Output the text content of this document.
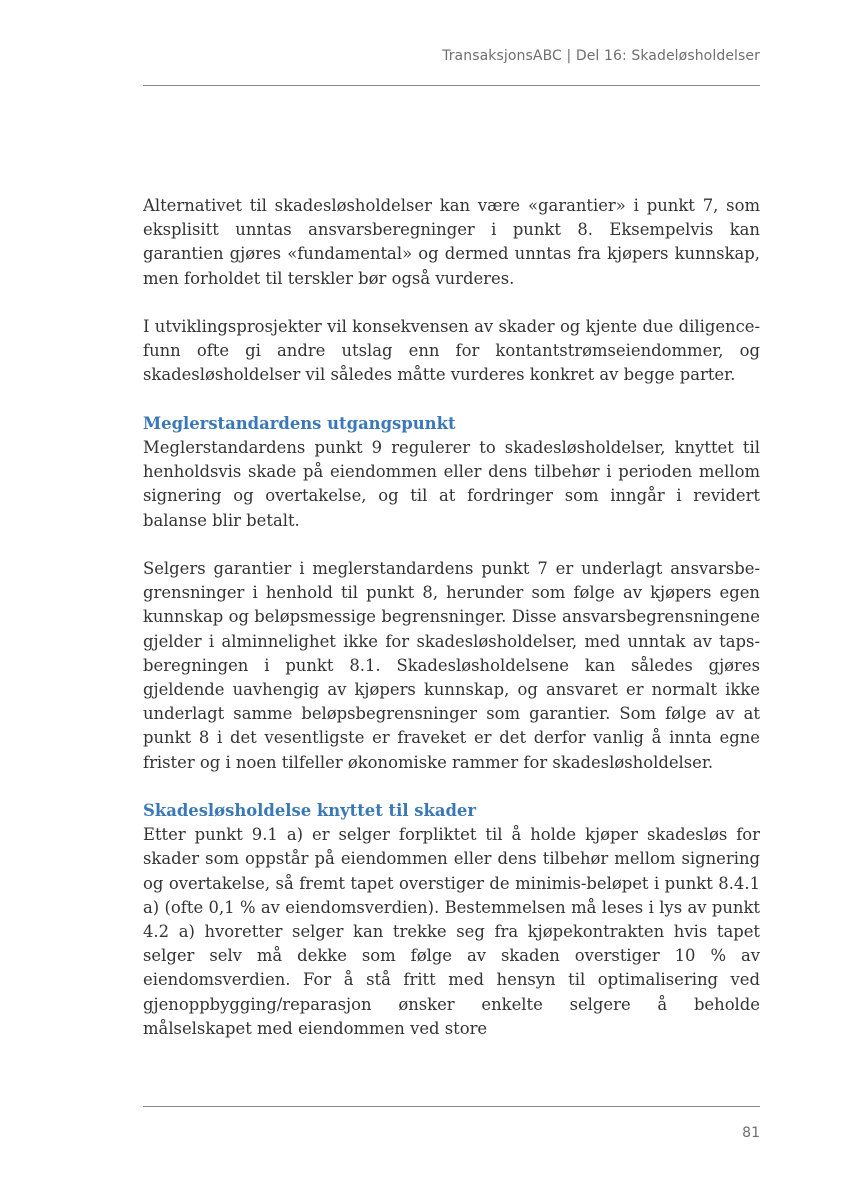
TransaksjonsABC | Del 16: Skadeløsholdelser

Alternativet til skadesløsholdelser kan være «garantier» i punkt 7, som eksplisitt unntas ansvarsberegninger i punkt 8. Eksempelvis kan garantien gjøres «fundamental» og dermed unntas fra kjøpers kunnskap, men forholdet til terskler bør også vurderes.

I utviklingsprosjekter vil konsekvensen av skader og kjente due diligence-funn ofte gi andre utslag enn for kontantstrømseiendommer, og skadesløsholdelser vil således måtte vurderes konkret av begge parter.

Meglerstandardens utgangspunkt

Meglerstandardens punkt 9 regulerer to skadesløsholdelser, knyttet til henholdsvis skade på eiendommen eller dens tilbehør i perioden mellom signering og overtakelse, og til at fordringer som inngår i revidert balanse blir betalt.

Selgers garantier i meglerstandardens punkt 7 er underlagt ansvarsbegrensninger i henhold til punkt 8, herunder som følge av kjøpers egen kunnskap og beløpsmessige begrensninger. Disse ansvarsbegrensningene gjelder i alminnelighet ikke for skadesløsholdelser, med unntak av tapsberegningen i punkt 8.1. Skadesløsholdelsene kan således gjøres gjeldende uavhengig av kjøpers kunnskap, og ansvaret er normalt ikke underlagt samme beløpsbegrensninger som garantier. Som følge av at punkt 8 i det vesentligste er fraveket er det derfor vanlig å innta egne frister og i noen tilfeller økonomiske rammer for skadesløsholdelser.

Skadesløsholdelse knyttet til skader

Etter punkt 9.1 a) er selger forpliktet til å holde kjøper skadesløs for skader som oppstår på eiendommen eller dens tilbehør mellom signering og overtakelse, så fremt tapet overstiger de minimis-beløpet i punkt 8.4.1 a) (ofte 0,1 % av eiendomsverdien). Bestemmelsen må leses i lys av punkt 4.2 a) hvoretter selger kan trekke seg fra kjøpekontrakten hvis tapet selger selv må dekke som følge av skaden overstiger 10 % av eiendomsverdien. For å stå fritt med hensyn til optimalisering ved gjenoppbygging/reparasjon ønsker enkelte selgere å beholde målselskapet med eiendommen ved store

81
